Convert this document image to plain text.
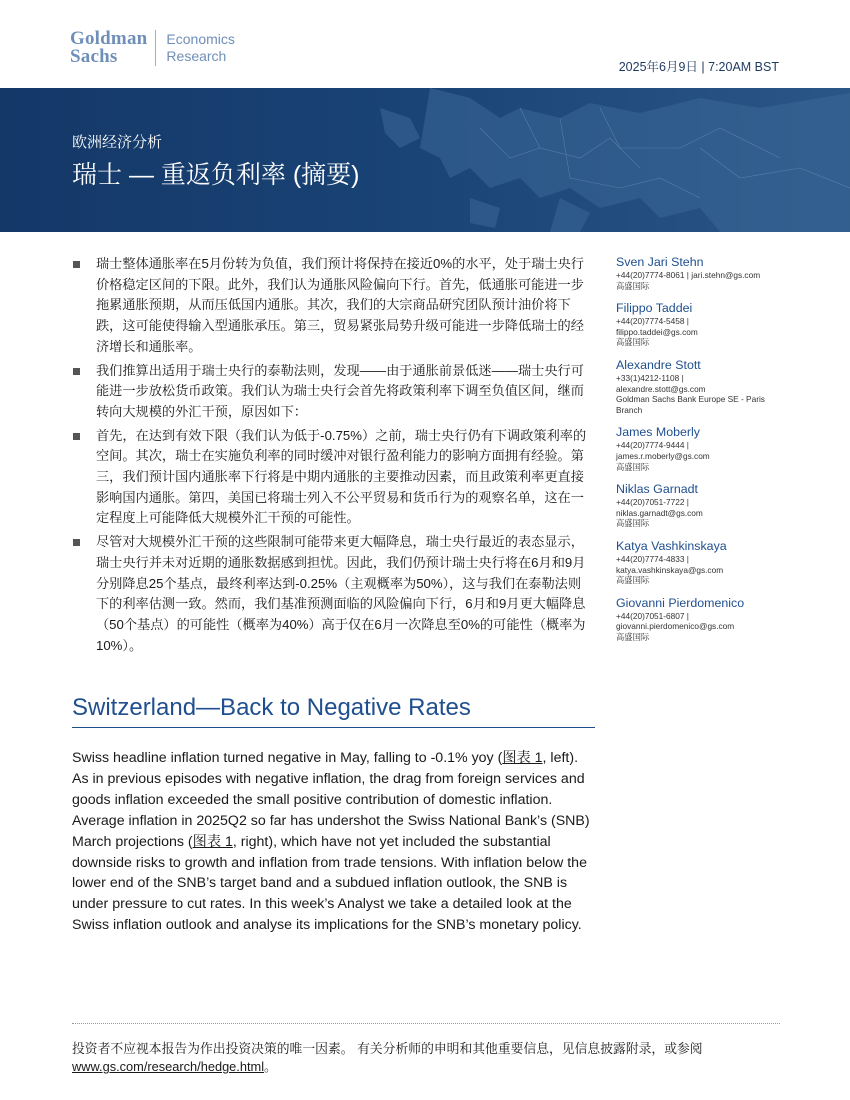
Goldman
Sachs
Economics
Research
2025年6月9日 | 7:20AM BST
欧洲经济分析
瑞士 — 重返负利率 (摘要)
瑞士整体通胀率在5月份转为负值，我们预计将保持在接近0%的水平，处于瑞士央行价格稳定区间的下限。此外，我们认为通胀风险偏向下行。首先，低通胀可能进一步拖累通胀预期，从而压低国内通胀。其次，我们的大宗商品研究团队预计油价将下跌，这可能使得输入型通胀承压。第三，贸易紧张局势升级可能进一步降低瑞士的经济增长和通胀率。
我们推算出适用于瑞士央行的泰勒法则，发现——由于通胀前景低迷——瑞士央行可能进一步放松货币政策。我们认为瑞士央行会首先将政策利率下调至负值区间，继而转向大规模的外汇干预，原因如下：
首先，在达到有效下限（我们认为低于-0.75%）之前，瑞士央行仍有下调政策利率的空间。其次，瑞士在实施负利率的同时缓冲对银行盈利能力的影响方面拥有经验。第三，我们预计国内通胀率下行将是中期内通胀的主要推动因素，而且政策利率更直接影响国内通胀。第四，美国已将瑞士列入不公平贸易和货币行为的观察名单，这在一定程度上可能降低大规模外汇干预的可能性。
尽管对大规模外汇干预的这些限制可能带来更大幅降息，瑞士央行最近的表态显示，瑞士央行并未对近期的通胀数据感到担忧。因此，我们仍预计瑞士央行将在6月和9月分别降息25个基点，最终利率达到-0.25%（主观概率为50%），这与我们在泰勒法则下的利率估测一致。然而，我们基准预测面临的风险偏向下行，6月和9月更大幅降息（50个基点）的可能性（概率为40%）高于仅在6月一次降息至0%的可能性（概率为10%）。
Sven Jari Stehn
+44(20)7774-8061 | jari.stehn@gs.com
高盛国际
Filippo Taddei
+44(20)7774-5458 |
filippo.taddei@gs.com
高盛国际
Alexandre Stott
+33(1)4212-1108 |
alexandre.stott@gs.com
Goldman Sachs Bank Europe SE - Paris
Branch
James Moberly
+44(20)7774-9444 |
james.r.moberly@gs.com
高盛国际
Niklas Garnadt
+44(20)7051-7722 |
niklas.garnadt@gs.com
高盛国际
Katya Vashkinskaya
+44(20)7774-4833 |
katya.vashkinskaya@gs.com
高盛国际
Giovanni Pierdomenico
+44(20)7051-6807 |
giovanni.pierdomenico@gs.com
高盛国际
Switzerland—Back to Negative Rates
Swiss headline inflation turned negative in May, falling to -0.1% yoy (图表 1, left). As in previous episodes with negative inflation, the drag from foreign services and goods inflation exceeded the small positive contribution of domestic inflation. Average inflation in 2025Q2 so far has undershot the Swiss National Bank’s (SNB) March projections (图表 1, right), which have not yet included the substantial downside risks to growth and inflation from trade tensions. With inflation below the lower end of the SNB’s target band and a subdued inflation outlook, the SNB is under pressure to cut rates. In this week’s Analyst we take a detailed look at the Swiss inflation outlook and analyse its implications for the SNB’s monetary policy.
投资者不应视本报告为作出投资决策的唯一因素。 有关分析师的申明和其他重要信息，见信息披露附录，或参阅
www.gs.com/research/hedge.html。
